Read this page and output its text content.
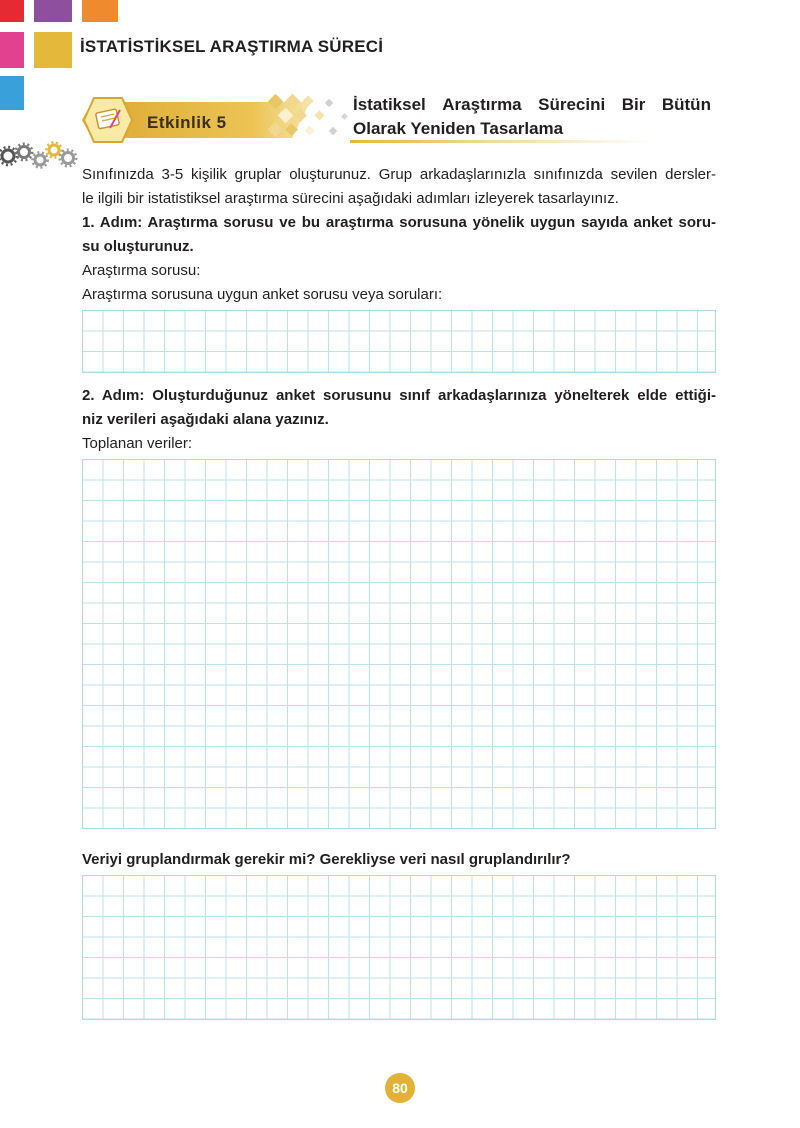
İSTATİSTİKSEL ARAŞTIRMA SÜRECİ
Etkinlik 5
İstatiksel Araştırma Sürecini Bir Bütün
Olarak Yeniden Tasarlama
Sınıfınızda 3-5 kişilik gruplar oluşturunuz. Grup arkadaşlarınızla sınıfınızda sevilen dersler-
le ilgili bir istatistiksel araştırma sürecini aşağıdaki adımları izleyerek tasarlayınız.
1. Adım: Araştırma sorusu ve bu araştırma sorusuna yönelik uygun sayıda anket soru-
su oluşturunuz.
Araştırma sorusu:
Araştırma sorusuna uygun anket sorusu veya soruları:
2. Adım: Oluşturduğunuz anket sorusunu sınıf arkadaşlarınıza yönelterek elde ettiği-
niz verileri aşağıdaki alana yazınız.
Toplanan veriler:
Veriyi gruplandırmak gerekir mi? Gerekliyse veri nasıl gruplandırılır?
80
